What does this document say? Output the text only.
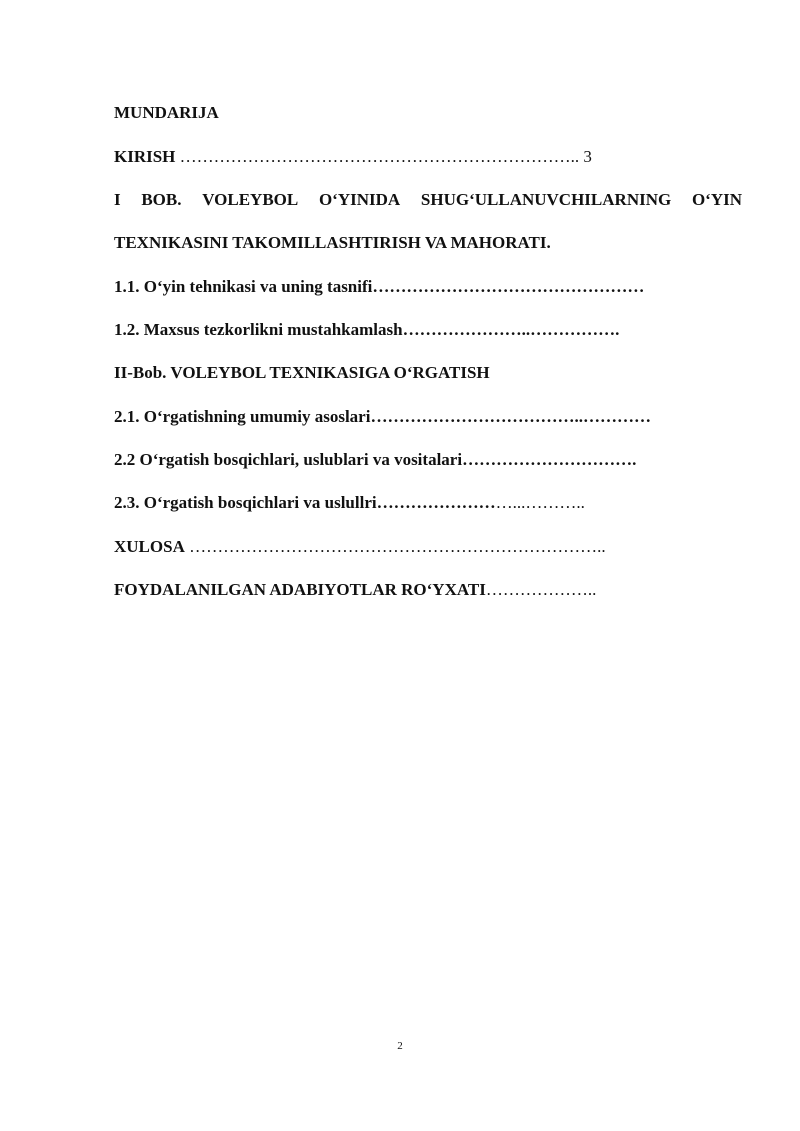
MUNDARIJA
KIRISH …………………………………………………………….. 3
I BOB. VOLEYBOL O‘YINIDA SHUG‘ULLANUVCHILARNING O‘YIN
TEXNIKASINI TAKOMILLASHTIRISH VA MAHORATI.
1.1. O‘yin tehnikasi va uning tasnifi…………………………………………
1.2. Maxsus tezkorlikni mustahkamlash…………………..…………….
II-Bob. VOLEYBOL TEXNIKASIGA O‘RGATISH
2.1. O‘rgatishning umumiy asoslari………………………………..…………
2.2 O‘rgatish bosqichlari, uslublari va vositalari………………………….
2.3. O‘rgatish bosqichlari va uslullri……………………...………..
XULOSA ………………………………………………………………..
FOYDALANILGAN ADABIYOTLAR RO‘YXATI………………..
2
